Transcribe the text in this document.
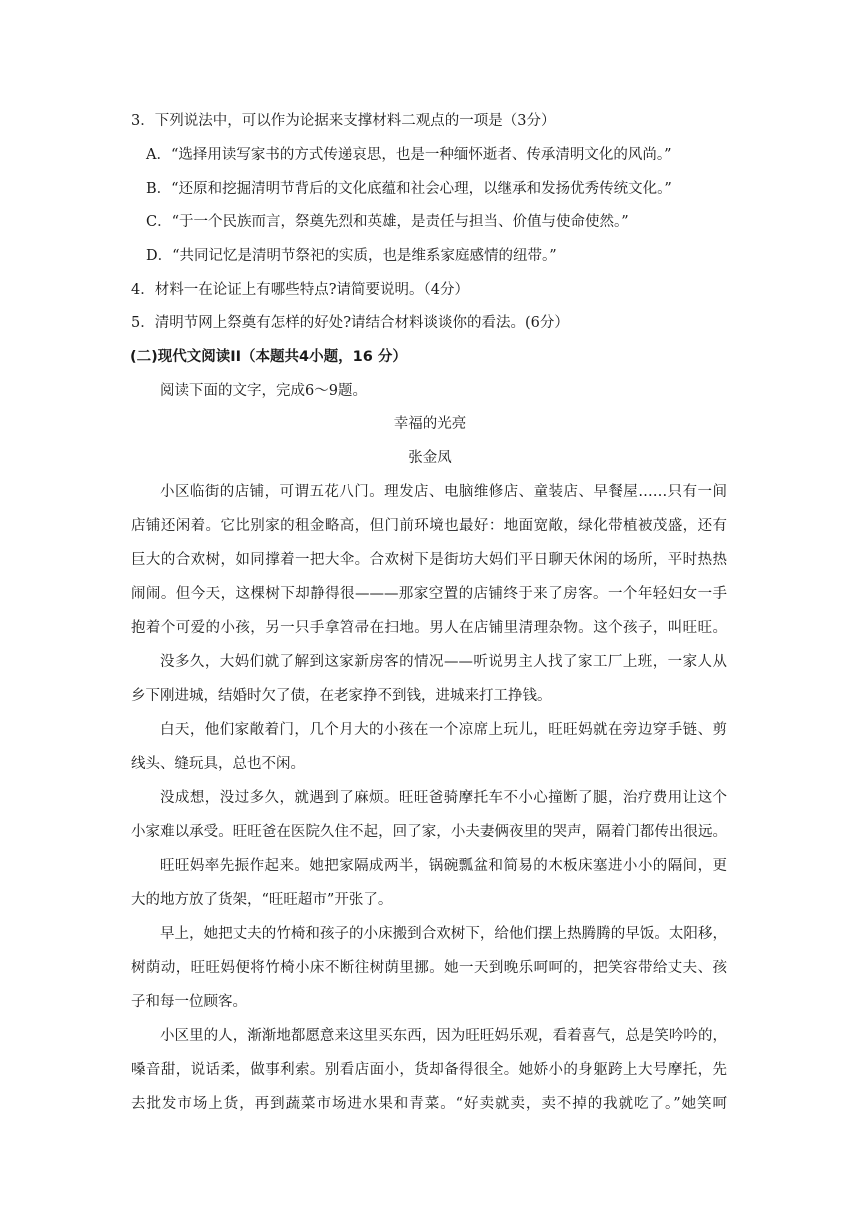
3．下列说法中，可以作为论据来支撑材料二观点的一项是（3分）
A．“选择用读写家书的方式传递哀思，也是一种缅怀逝者、传承清明文化的风尚。”
B．“还原和挖掘清明节背后的文化底蕴和社会心理，以继承和发扬优秀传统文化。”
C．“于一个民族而言，祭奠先烈和英雄，是责任与担当、价值与使命使然。”
D．“共同记忆是清明节祭祀的实质，也是维系家庭感情的纽带。”
4．材料一在论证上有哪些特点?请简要说明。（4分）
5．清明节网上祭奠有怎样的好处?请结合材料谈谈你的看法。(6分）
(二)现代文阅读II（本题共4小题，16 分）
阅读下面的文字，完成6～9题。
幸福的光亮
张金凤
小区临街的店铺，可谓五花八门。理发店、电脑维修店、童装店、早餐屋……只有一间
店铺还闲着。它比别家的租金略高，但门前环境也最好：地面宽敞，绿化带植被茂盛，还有
巨大的合欢树，如同撑着一把大伞。合欢树下是街坊大妈们平日聊天休闲的场所，平时热热
闹闹。但今天，这棵树下却静得很———那家空置的店铺终于来了房客。一个年轻妇女一手
抱着个可爱的小孩，另一只手拿笤帚在扫地。男人在店铺里清理杂物。这个孩子，叫旺旺。
没多久，大妈们就了解到这家新房客的情况——听说男主人找了家工厂上班，一家人从
乡下刚进城，结婚时欠了债，在老家挣不到钱，进城来打工挣钱。
白天，他们家敞着门，几个月大的小孩在一个凉席上玩儿，旺旺妈就在旁边穿手链、剪
线头、缝玩具，总也不闲。
没成想，没过多久，就遇到了麻烦。旺旺爸骑摩托车不小心撞断了腿，治疗费用让这个
小家难以承受。旺旺爸在医院久住不起，回了家，小夫妻俩夜里的哭声，隔着门都传出很远。
旺旺妈率先振作起来。她把家隔成两半，锅碗瓢盆和简易的木板床塞进小小的隔间，更
大的地方放了货架，“旺旺超市”开张了。
早上，她把丈夫的竹椅和孩子的小床搬到合欢树下，给他们摆上热腾腾的早饭。太阳移，
树荫动，旺旺妈便将竹椅小床不断往树荫里挪。她一天到晚乐呵呵的，把笑容带给丈夫、孩
子和每一位顾客。
小区里的人，渐渐地都愿意来这里买东西，因为旺旺妈乐观，看着喜气，总是笑吟吟的，
嗓音甜，说话柔，做事利索。别看店面小，货却备得很全。她娇小的身躯跨上大号摩托，先
去批发市场上货，再到蔬菜市场进水果和青菜。“好卖就卖，卖不掉的我就吃了。”她笑呵
